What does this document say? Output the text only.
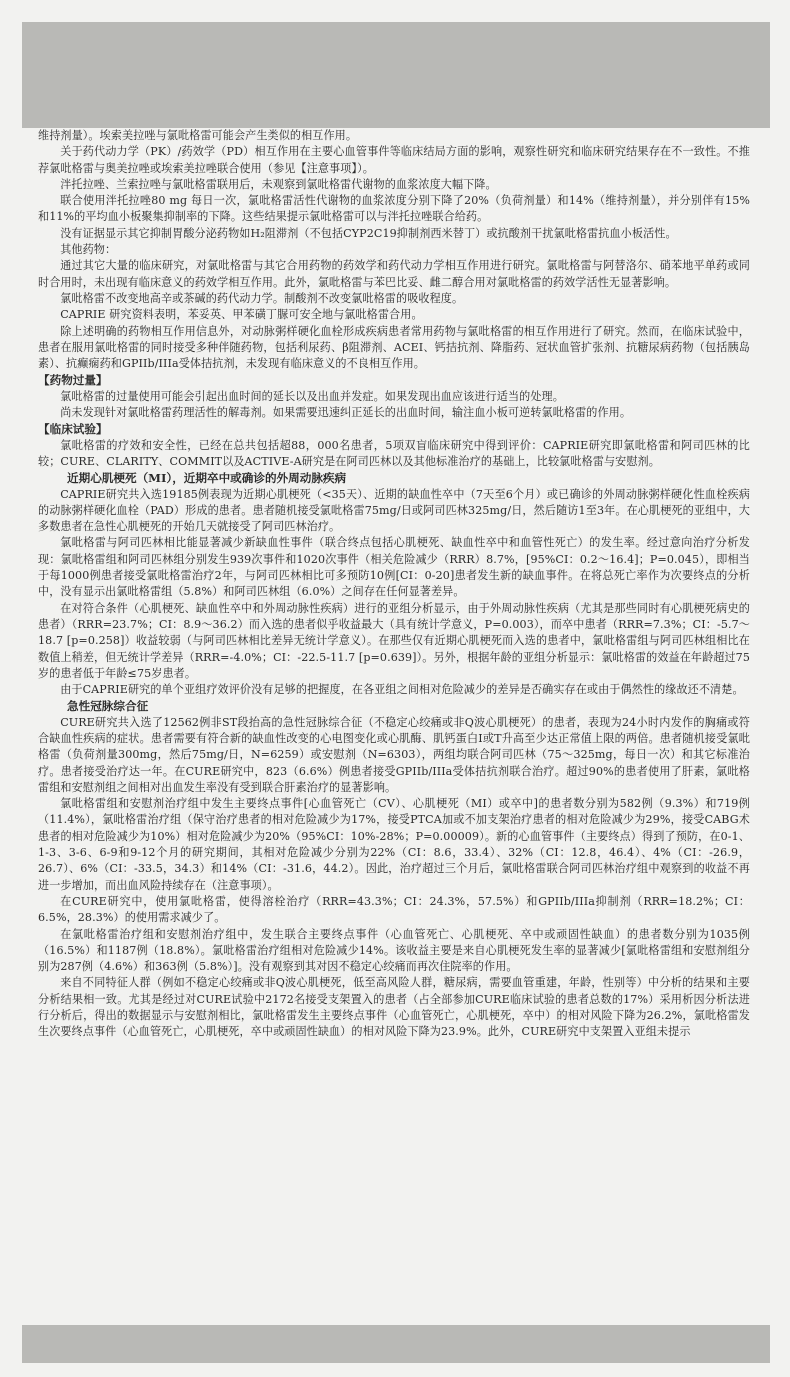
维持剂量）。埃索美拉唑与氯吡格雷可能会产生类似的相互作用。

关于药代动力学（PK）/药效学（PD）相互作用在主要心血管事件等临床结局方面的影响，观察性研究和临床研究结果存在不一致性。不推荐氯吡格雷与奥美拉唑或埃索美拉唑联合使用（参见【注意事项】）。

泮托拉唑、兰索拉唑与氯吡格雷联用后，未观察到氯吡格雷代谢物的血浆浓度大幅下降。

联合使用泮托拉唑80 mg 每日一次，氯吡格雷活性代谢物的血浆浓度分别下降了20%（负荷剂量）和14%（维持剂量），并分别伴有15%和11%的平均血小板聚集抑制率的下降。这些结果提示氯吡格雷可以与泮托拉唑联合给药。

没有证据显示其它抑制胃酸分泌药物如H₂阻滞剂（不包括CYP2C19抑制剂西米替丁）或抗酸剂干扰氯吡格雷抗血小板活性。

其他药物：

通过其它大量的临床研究，对氯吡格雷与其它合用药物的药效学和药代动力学相互作用进行研究。氯吡格雷与阿替洛尔、硝苯地平单药或同时合用时，未出现有临床意义的药效学相互作用。此外，氯吡格雷与苯巴比妥、雌二醇合用对氯吡格雷的药效学活性无显著影响。

氯吡格雷不改变地高辛或茶碱的药代动力学。制酸剂不改变氯吡格雷的吸收程度。

CAPRIE 研究资料表明，苯妥英、甲苯磺丁脲可安全地与氯吡格雷合用。

除上述明确的药物相互作用信息外，对动脉粥样硬化血栓形成疾病患者常用药物与氯吡格雷的相互作用进行了研究。然而，在临床试验中，患者在服用氯吡格雷的同时接受多种伴随药物，包括利尿药、β阻滞剂、ACEI、钙拮抗剂、降脂药、冠状血管扩张剂、抗糖尿病药物（包括胰岛素）、抗癫痫药和GPIIb/IIIa受体拮抗剂，未发现有临床意义的不良相互作用。

【药物过量】

氯吡格雷的过量使用可能会引起出血时间的延长以及出血并发症。如果发现出血应该进行适当的处理。

尚未发现针对氯吡格雷药理活性的解毒剂。如果需要迅速纠正延长的出血时间，输注血小板可逆转氯吡格雷的作用。

【临床试验】

氯吡格雷的疗效和安全性，已经在总共包括超88，000名患者，5项双盲临床研究中得到评价：CAPRIE研究即氯吡格雷和阿司匹林的比较；CURE、CLARITY、COMMIT以及ACTIVE-A研究是在阿司匹林以及其他标准治疗的基础上，比较氯吡格雷与安慰剂。

近期心肌梗死（MI），近期卒中或确诊的外周动脉疾病

CAPRIE研究共入选19185例表现为近期心肌梗死（<35天）、近期的缺血性卒中（7天至6个月）或已确诊的外周动脉粥样硬化性血栓疾病的动脉粥样硬化血栓（PAD）形成的患者。患者随机接受氯吡格雷75mg/日或阿司匹林325mg/日，然后随访1至3年。在心肌梗死的亚组中，大多数患者在急性心肌梗死的开始几天就接受了阿司匹林治疗。

氯吡格雷与阿司匹林相比能显著减少新缺血性事件（联合终点包括心肌梗死、缺血性卒中和血管性死亡）的发生率。经过意向治疗分析发现：氯吡格雷组和阿司匹林组分别发生939次事件和1020次事件（相关危险减少（RRR）8.7%，[95%CI：0.2～16.4]；P=0.045），即相当于每1000例患者接受氯吡格雷治疗2年，与阿司匹林相比可多预防10例[CI：0-20]患者发生新的缺血事件。在将总死亡率作为次要终点的分析中，没有显示出氯吡格雷组（5.8%）和阿司匹林组（6.0%）之间存在任何显著差异。

在对符合条件（心肌梗死、缺血性卒中和外周动脉性疾病）进行的亚组分析显示，由于外周动脉性疾病（尤其是那些同时有心肌梗死病史的患者）（RRR=23.7%；CI：8.9～36.2）而入选的患者似乎收益最大（具有统计学意义，P=0.003），而卒中患者（RRR=7.3%；CI：-5.7～18.7 [p=0.258]）收益较弱（与阿司匹林相比差异无统计学意义）。在那些仅有近期心肌梗死而入选的患者中，氯吡格雷组与阿司匹林组相比在数值上稍差，但无统计学差异（RRR=-4.0%；CI：-22.5-11.7 [p=0.639]）。另外，根据年龄的亚组分析显示：氯吡格雷的效益在年龄超过75岁的患者低于年龄≤75岁患者。

由于CAPRIE研究的单个亚组疗效评价没有足够的把握度，在各亚组之间相对危险减少的差异是否确实存在或由于偶然性的缘故还不清楚。

急性冠脉综合征

CURE研究共入选了12562例非ST段抬高的急性冠脉综合征（不稳定心绞痛或非Q波心肌梗死）的患者，表现为24小时内发作的胸痛或符合缺血性疾病的症状。患者需要有符合新的缺血性改变的心电图变化或心肌酶、肌钙蛋白I或T升高至少达正常值上限的两倍。患者随机接受氯吡格雷（负荷剂量300mg，然后75mg/日，N=6259）或安慰剂（N=6303），两组均联合阿司匹林（75～325mg，每日一次）和其它标准治疗。患者接受治疗达一年。在CURE研究中，823（6.6%）例患者接受GPIIb/IIIa受体拮抗剂联合治疗。超过90%的患者使用了肝素，氯吡格雷组和安慰剂组之间相对出血发生率没有受到联合肝素治疗的显著影响。

氯吡格雷组和安慰剂治疗组中发生主要终点事件[心血管死亡（CV）、心肌梗死（MI）或卒中]的患者数分别为582例（9.3%）和719例（11.4%），氯吡格雷治疗组（保守治疗患者的相对危险减少为17%，接受PTCA加或不加支架治疗患者的相对危险减少为29%，接受CABG术患者的相对危险减少为10%）相对危险减少为20%（95%CI：10%-28%；P=0.00009）。新的心血管事件（主要终点）得到了预防，在0-1、1-3、3-6、6-9和9-12个月的研究期间，其相对危险减少分别为22%（CI：8.6，33.4）、32%（CI：12.8，46.4）、4%（CI：-26.9，26.7）、6%（CI：-33.5，34.3）和14%（CI：-31.6，44.2）。因此，治疗超过三个月后，氯吡格雷联合阿司匹林治疗组中观察到的收益不再进一步增加，而出血风险持续存在（注意事项）。

在CURE研究中，使用氯吡格雷，使得溶栓治疗（RRR=43.3%；CI：24.3%，57.5%）和GPIIb/IIIa抑制剂（RRR=18.2%；CI：6.5%，28.3%）的使用需求减少了。

在氯吡格雷治疗组和安慰剂治疗组中，发生联合主要终点事件（心血管死亡、心肌梗死、卒中或顽固性缺血）的患者数分别为1035例（16.5%）和1187例（18.8%）。氯吡格雷治疗组相对危险减少14%。该收益主要是来自心肌梗死发生率的显著减少[氯吡格雷组和安慰剂组分别为287例（4.6%）和363例（5.8%）]。没有观察到其对因不稳定心绞痛而再次住院率的作用。

来自不同特征人群（例如不稳定心绞痛或非Q波心肌梗死，低至高风险人群，糖尿病，需要血管重建，年龄，性别等）中分析的结果和主要分析结果相一致。尤其是经过对CURE试验中2172名接受支架置入的患者（占全部参加CURE临床试验的患者总数的17%）采用析因分析法进行分析后，得出的数据显示与安慰剂相比，氯吡格雷发生主要终点事件（心血管死亡，心肌梗死，卒中）的相对风险下降为26.2%，氯吡格雷发生次要终点事件（心血管死亡，心肌梗死，卒中或顽固性缺血）的相对风险下降为23.9%。此外，CURE研究中支架置入亚组未提示
